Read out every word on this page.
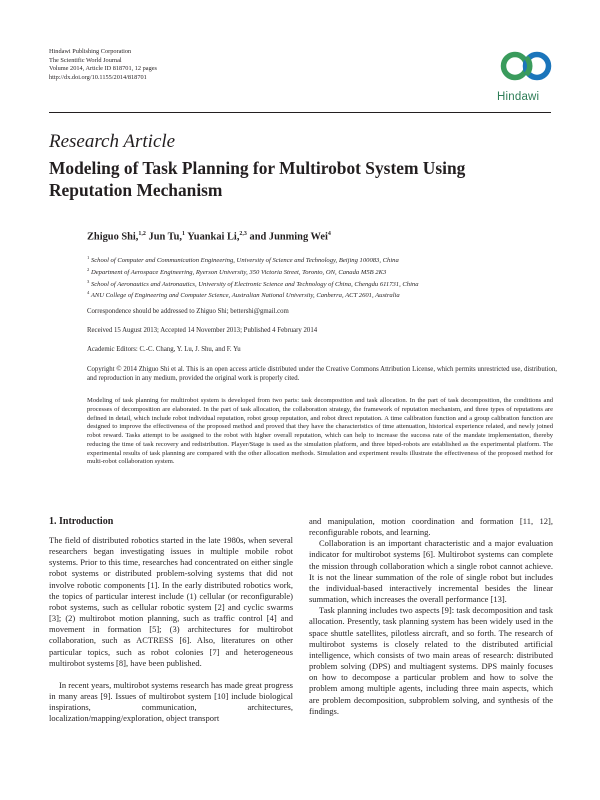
Hindawi Publishing Corporation
The Scientific World Journal
Volume 2014, Article ID 818701, 12 pages
http://dx.doi.org/10.1155/2014/818701
Hindawi
Research Article
Modeling of Task Planning for Multirobot System Using Reputation Mechanism
Zhiguo Shi,$^{1,2}$ Jun Tu,$^1$ Yuankai Li,$^{2,3}$ and Junming Wei$^4$
$^1$ School of Computer and Communication Engineering, University of Science and Technology, Beijing 100083, China
$^2$ Department of Aerospace Engineering, Ryerson University, 350 Victoria Street, Toronto, ON, Canada M5B 2K3
$^3$ School of Aeronautics and Astronautics, University of Electronic Science and Technology of China, Chengdu 611731, China
$^4$ ANU College of Engineering and Computer Science, Australian National University, Canberra, ACT 2601, Australia
Correspondence should be addressed to Zhiguo Shi; bettershi@gmail.com
Received 15 August 2013; Accepted 14 November 2013; Published 4 February 2014
Academic Editors: C.-C. Chang, Y. Lu, J. Shu, and F. Yu
Copyright © 2014 Zhiguo Shi et al. This is an open access article distributed under the Creative Commons Attribution License, which permits unrestricted use, distribution, and reproduction in any medium, provided the original work is properly cited.
Modeling of task planning for multirobot system is developed from two parts: task decomposition and task allocation. In the part of task decomposition, the conditions and processes of decomposition are elaborated. In the part of task allocation, the collaboration strategy, the framework of reputation mechanism, and three types of reputations are defined in detail, which include robot individual reputation, robot group reputation, and robot direct reputation. A time calibration function and a group calibration function are designed to improve the effectiveness of the proposed method and proved that they have the characteristics of time attenuation, historical experience related, and newly joined robot reward. Tasks attempt to be assigned to the robot with higher overall reputation, which can help to increase the success rate of the mandate implementation, thereby reducing the time of task recovery and redistribution. Player/Stage is used as the simulation platform, and three biped-robots are established as the experimental platform. The experimental results of task planning are compared with the other allocation methods. Simulation and experiment results illustrate the effectiveness of the proposed method for multi-robot collaboration system.
1. Introduction

The field of distributed robotics started in the late 1980s, when several researchers began investigating issues in multiple mobile robot systems. Prior to this time, researches had concentrated on either single robot systems or distributed problem-solving systems that did not involve robotic components [1]. In the early distributed robotics work, the topics of particular interest include (1) cellular (or reconfigurable) robot systems, such as cellular robotic system [2] and cyclic swarms [3]; (2) multirobot motion planning, such as traffic control [4] and movement in formation [5]; (3) architectures for multirobot collaboration, such as ACTRESS [6]. Also, literatures on other particular topics, such as robot colonies [7] and heterogeneous multirobot systems [8], have been published.

In recent years, multirobot systems research has made great progress in many areas [9]. Issues of multirobot system [10] include biological inspirations, communication, architectures, localization/mapping/exploration, object transport

and manipulation, motion coordination and formation [11, 12], reconfigurable robots, and learning.

Collaboration is an important characteristic and a major evaluation indicator for multirobot systems [6]. Multirobot systems can complete the mission through collaboration which a single robot cannot achieve. It is not the linear summation of the role of single robot but includes the individual-based interactively incremental besides the linear summation, which increases the overall performance [13].

Task planning includes two aspects [9]: task decomposition and task allocation. Presently, task planning system has been widely used in the space shuttle satellites, pilotless aircraft, and so forth. The research of multirobot systems is closely related to the distributed artificial intelligence, which consists of two main areas of research: distributed problem solving (DPS) and multiagent systems. DPS mainly focuses on how to decompose a particular problem and how to solve the problem among multiple agents, including three main aspects, which are problem decomposition, subproblem solving, and synthesis of the findings.
